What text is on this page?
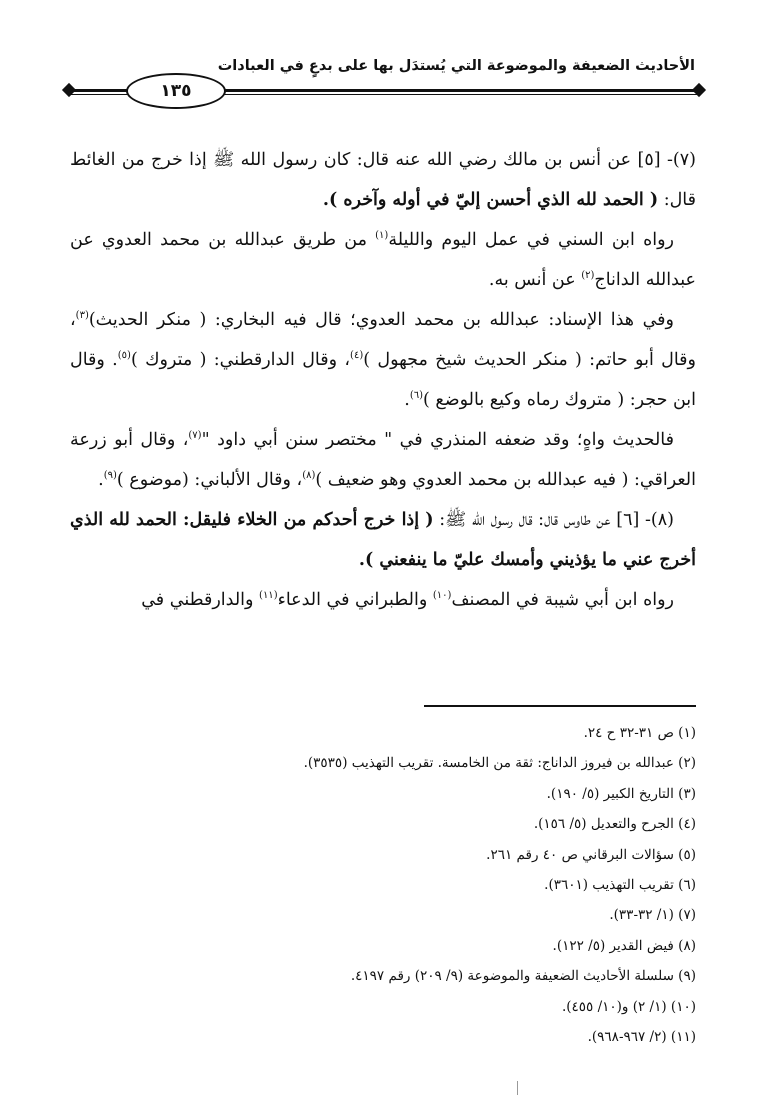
الأحاديث الضعيفة والموضوعة التي يُستدَل بها على بدعٍ في العبادات
١٣٥

(٧)- [٥] عن أنس بن مالك رضي الله عنه قال: كان رسول الله ﷺ إذا خرج من الغائط قال: ( الحمد لله الذي أحسن إليّ في أوله وآخره ).

رواه ابن السني في عمل اليوم والليلة$^{(١)}$ من طريق عبدالله بن محمد العدوي عن عبدالله الداناج$^{(٢)}$ عن أنس به.

وفي هذا الإسناد: عبدالله بن محمد العدوي؛ قال فيه البخاري: ( منكر الحديث)$^{(٣)}$، وقال أبو حاتم: ( منكر الحديث شيخ مجهول )$^{(٤)}$، وقال الدارقطني: ( متروك )$^{(٥)}$. وقال ابن حجر: ( متروك رماه وكيع بالوضع )$^{(٦)}$.

فالحديث واهٍ؛ وقد ضعفه المنذري في " مختصر سنن أبي داود "$^{(٧)}$، وقال أبو زرعة العراقي: ( فيه عبدالله بن محمد العدوي وهو ضعيف )$^{(٨)}$، وقال الألباني: (موضوع )$^{(٩)}$.

(٨)- [٦] عن طاوس قال: قال رسول الله ﷺ: ( إذا خرج أحدكم من الخلاء فليقل: الحمد لله الذي أخرج عني ما يؤذيني وأمسك عليّ ما ينفعني ).

رواه ابن أبي شيبة في المصنف$^{(١٠)}$ والطبراني في الدعاء$^{(١١)}$ والدارقطني في

(١) ص ٣١-٣٢ ح ٢٤.
(٢) عبدالله بن فيروز الداناج: ثقة من الخامسة. تقريب التهذيب (٣٥٣٥).
(٣) التاريخ الكبير (٥/ ١٩٠).
(٤) الجرح والتعديل (٥/ ١٥٦).
(٥) سؤالات البرقاني ص ٤٠ رقم ٢٦١.
(٦) تقريب التهذيب (٣٦٠١).
(٧) (١/ ٣٢-٣٣).
(٨) فيض القدير (٥/ ١٢٢).
(٩) سلسلة الأحاديث الضعيفة والموضوعة (٩/ ٢٠٩) رقم ٤١٩٧.
(١٠) (١/ ٢) و(١٠/ ٤٥٥).
(١١) (٢/ ٩٦٧-٩٦٨).
